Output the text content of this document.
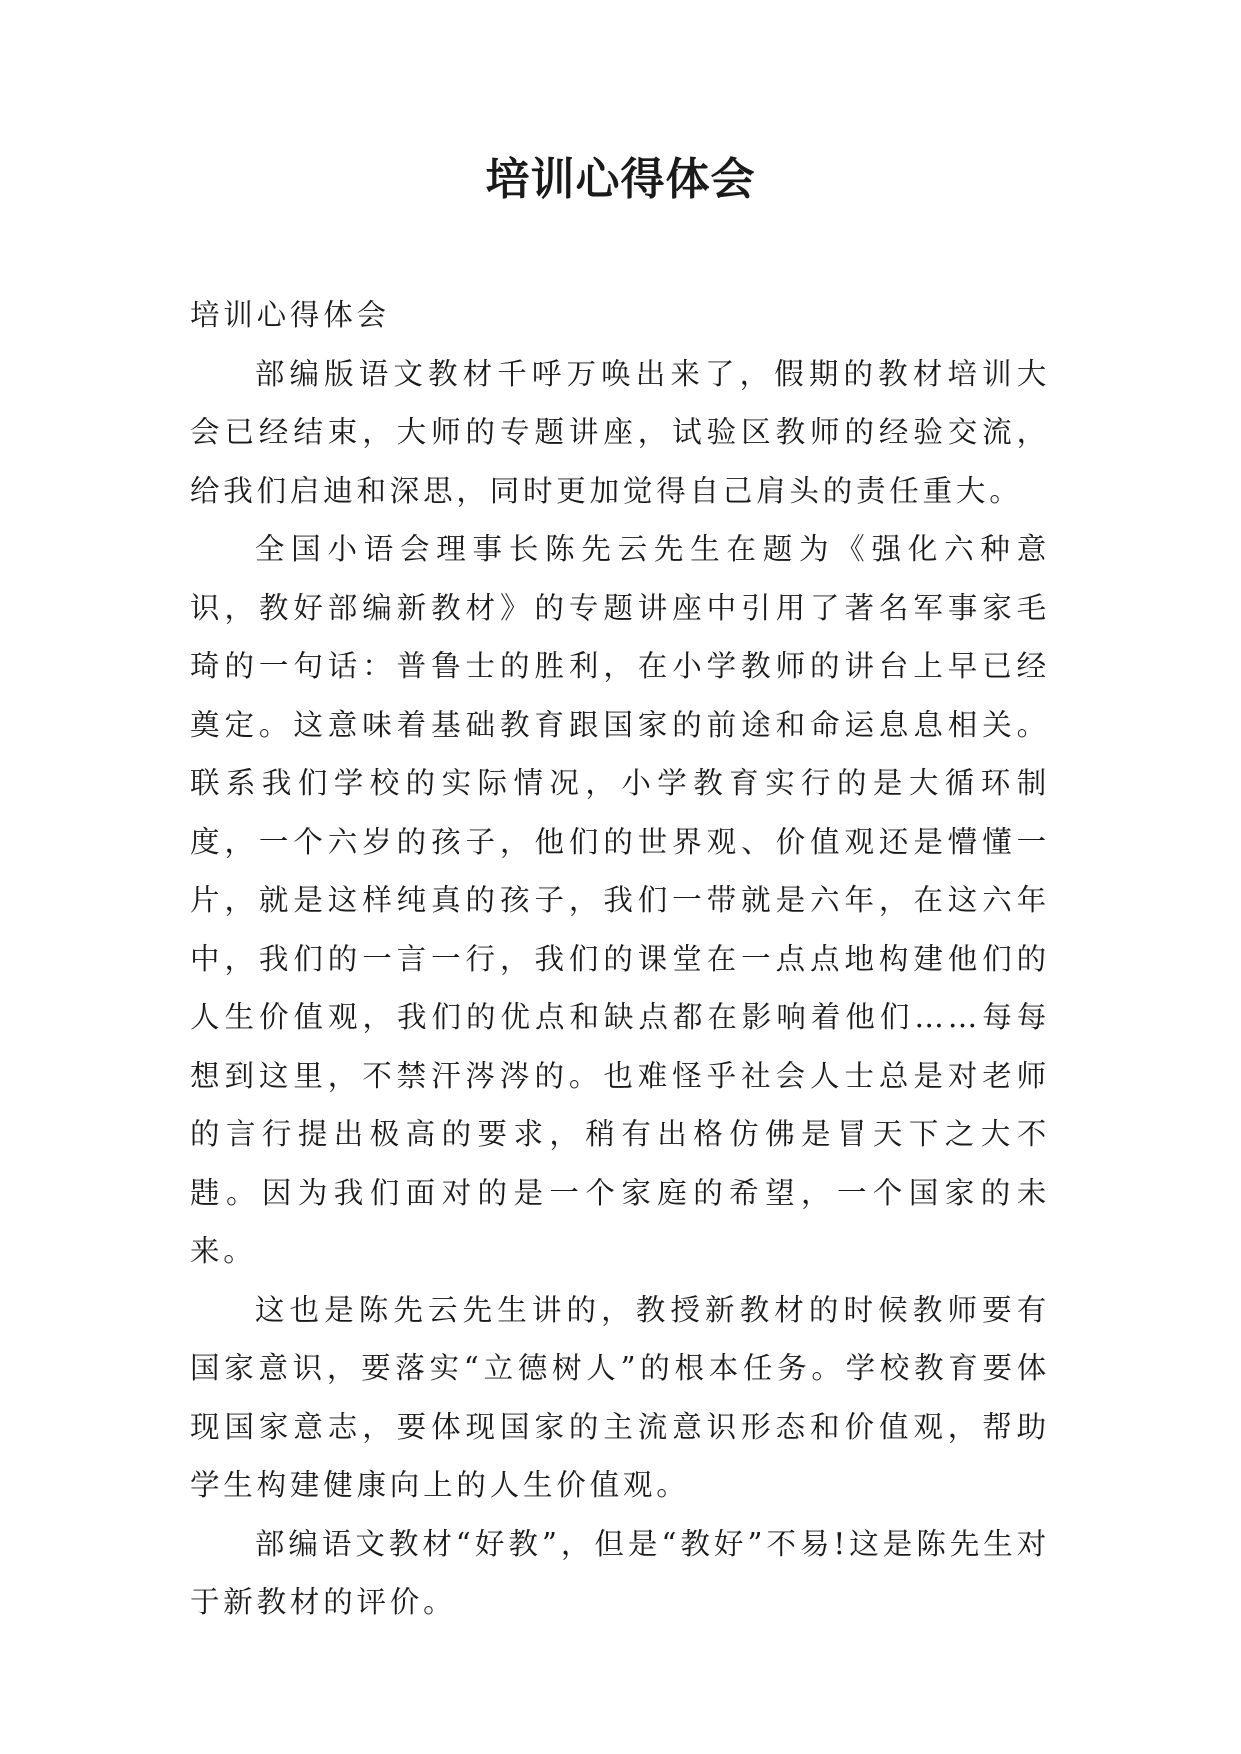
培训心得体会

培训心得体会

部编版语文教材千呼万唤出来了，假期的教材培训大会已经结束，大师的专题讲座，试验区教师的经验交流，给我们启迪和深思，同时更加觉得自己肩头的责任重大。

全国小语会理事长陈先云先生在题为《强化六种意识，教好部编新教材》的专题讲座中引用了著名军事家毛琦的一句话：普鲁士的胜利，在小学教师的讲台上早已经奠定。这意味着基础教育跟国家的前途和命运息息相关。联系我们学校的实际情况，小学教育实行的是大循环制度，一个六岁的孩子，他们的世界观、价值观还是懵懂一片，就是这样纯真的孩子，我们一带就是六年，在这六年中，我们的一言一行，我们的课堂在一点点地构建他们的人生价值观，我们的优点和缺点都在影响着他们……每每想到这里，不禁汗涔涔的。也难怪乎社会人士总是对老师的言行提出极高的要求，稍有出格仿佛是冒天下之大不韪。因为我们面对的是一个家庭的希望，一个国家的未来。

这也是陈先云先生讲的，教授新教材的时候教师要有国家意识，要落实“立德树人”的根本任务。学校教育要体现国家意志，要体现国家的主流意识形态和价值观，帮助学生构建健康向上的人生价值观。

部编语文教材“好教”，但是“教好”不易!这是陈先生对于新教材的评价。
